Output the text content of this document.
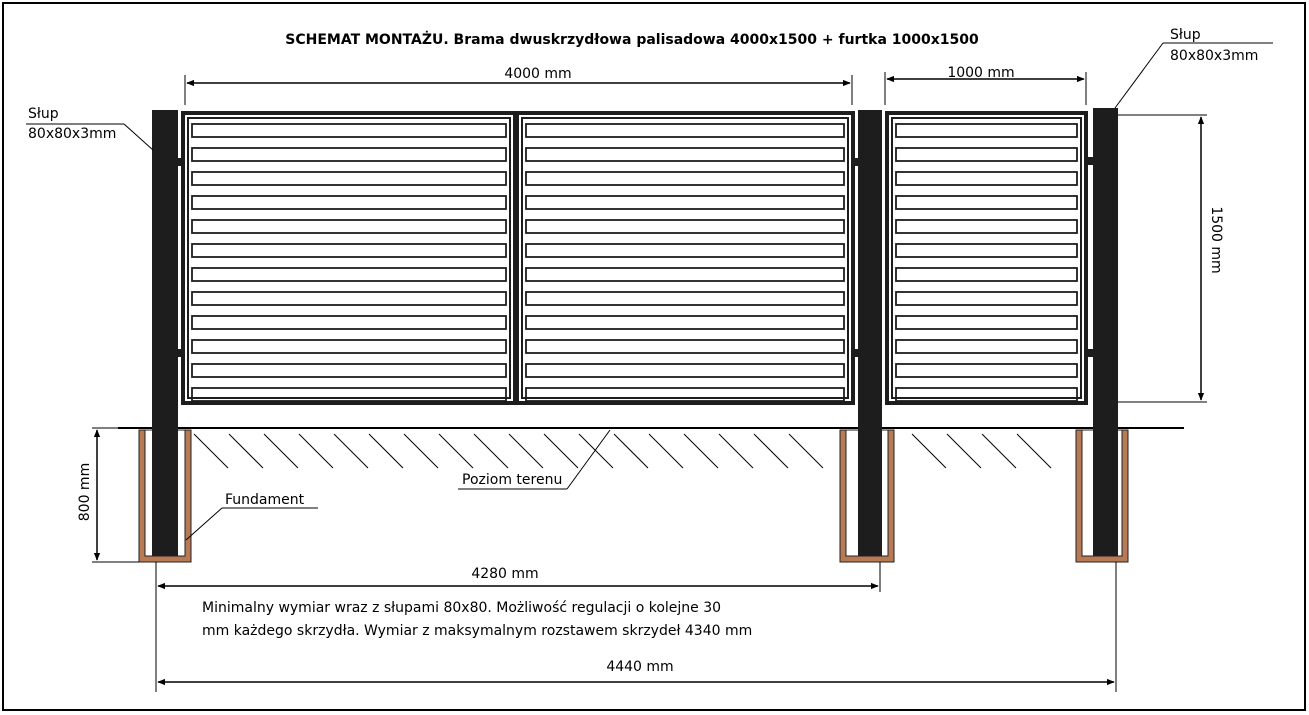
SCHEMAT MONTAŻU. Brama dwuskrzydłowa palisadowa 4000x1500 + furtka 1000x1500
4000 mm	1000 mm
1500 mm
800 mm
4280 mm
4440 mm
Słup
80x80x3mm
Słup
80x80x3mm
Fundament
Poziom terenu
Minimalny wymiar wraz z słupami 80x80. Możliwość regulacji o kolejne 30
mm każdego skrzydła. Wymiar z maksymalnym rozstawem skrzydeł 4340 mm
